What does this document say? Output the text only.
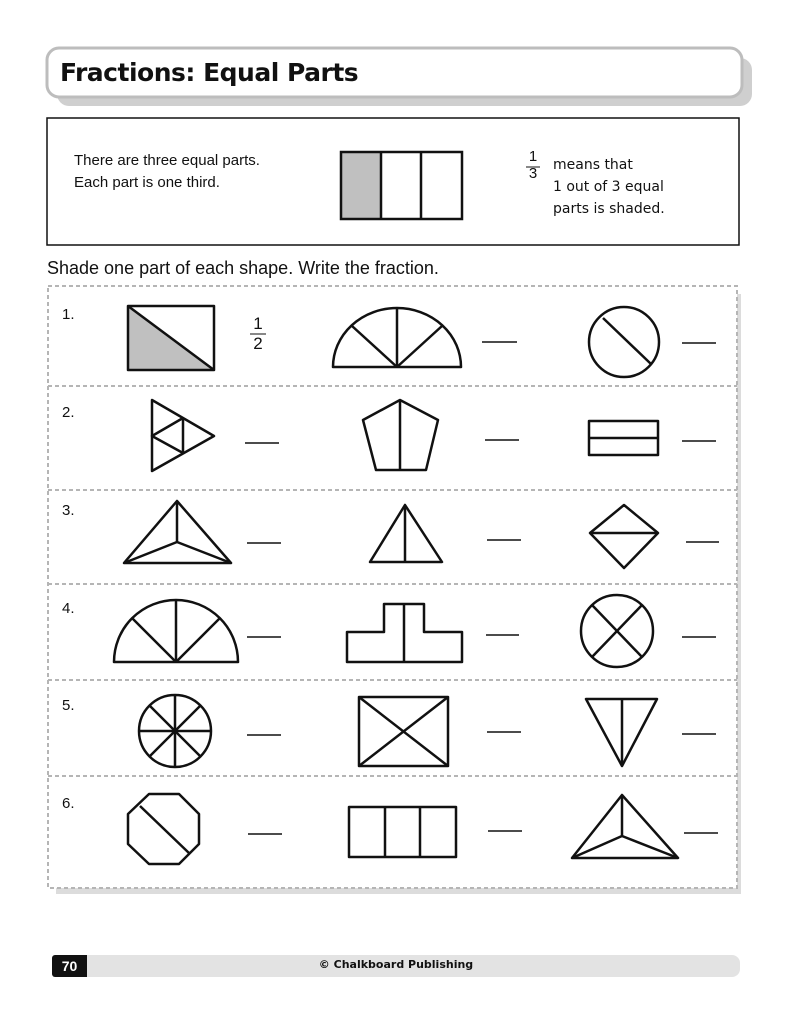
Fractions: Equal Parts
There are three equal parts.
Each part is one third.
1
3 means that
1 out of 3 equal
parts is shaded.
Shade one part of each shape. Write the fraction.
1.
2.
3.
4.
5.
6.
1
2
70	© Chalkboard Publishing
